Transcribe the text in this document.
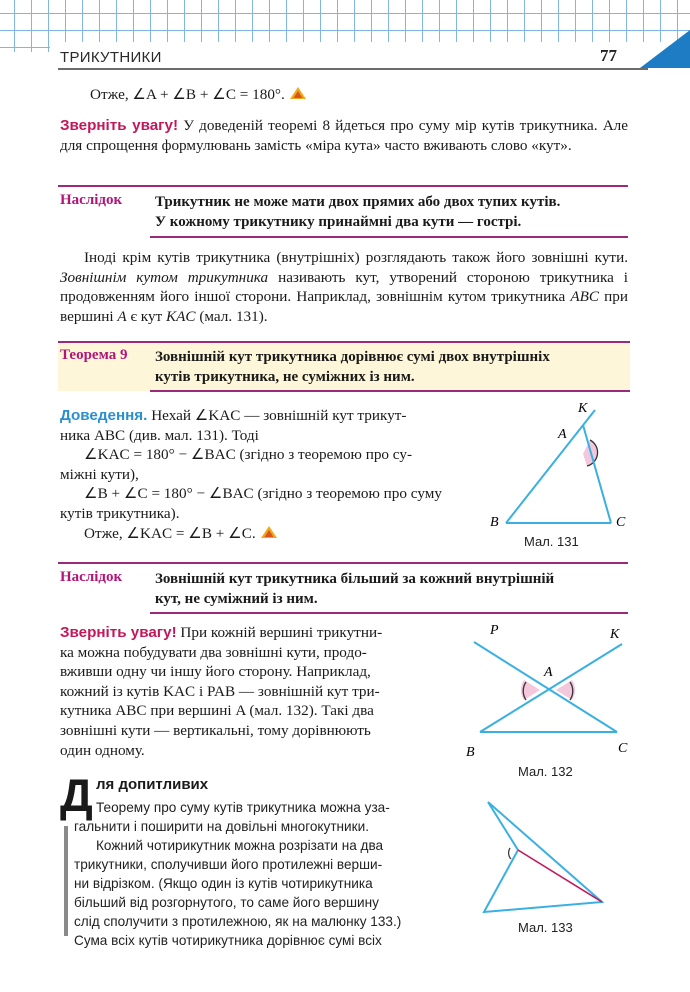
ТРИКУТНИКИ	77
Отже, ∠A + ∠B + ∠C = 180°.
Зверніть увагу! У доведеній теоремі 8 йдеться про суму мір кутів трикутника. Але для спрощення формулювань замість «міра кута» часто вживають слово «кут».
Наслідок Трикутник не може мати двох прямих або двох тупих кутів.
У кожному трикутнику принаймні два кути — гострі.
Іноді крім кутів трикутника (внутрішніх) розглядають також його зовнішні кути. Зовнішнім кутом трикутника називають кут, утворений стороною трикутника і продовженням його іншої сторони. Наприклад, зовнішнім кутом трикутника ABC при вершині A є кут KAC (мал. 131).
Теорема 9 Зовнішній кут трикутника дорівнює сумі двох внутрішніх
кутів трикутника, не суміжних із ним.
Доведення. Нехай ∠KAC — зовнішній кут трикут-
ника ABC (див. мал. 131). Тоді
∠KAC = 180° − ∠BAC (згідно з теоремою про су-
міжні кути),
∠B + ∠C = 180° − ∠BAC (згідно з теоремою про суму
кутів трикутника).
Отже, ∠KAC = ∠B + ∠C.
K
A
B	C
Мал. 131
Наслідок Зовнішній кут трикутника більший за кожний внутрішній
кут, не суміжний із ним.
Зверніть увагу! При кожній вершині трикутни-
ка можна побудувати два зовнішні кути, продо-
вживши одну чи іншу його сторону. Наприклад,
кожний із кутів KAC і PAB — зовнішній кут три-
кутника ABC при вершині A (мал. 132). Такі два
зовнішні кути — вертикальні, тому дорівнюють
один одному.
P	K
A
B	C
Мал. 132
Д ля допитливих
Теорему про суму кутів трикутника можна уза-
гальнити і поширити на довільні многокутники.
Кожний чотирикутник можна розрізати на два
трикутники, сполучивши його протилежні верши-
ни відрізком. (Якщо один із кутів чотирикутника
більший від розгорнутого, то саме його вершину
слід сполучити з протилежною, як на малюнку 133.)
Сума всіх кутів чотирикутника дорівнює сумі всіх
Мал. 133
